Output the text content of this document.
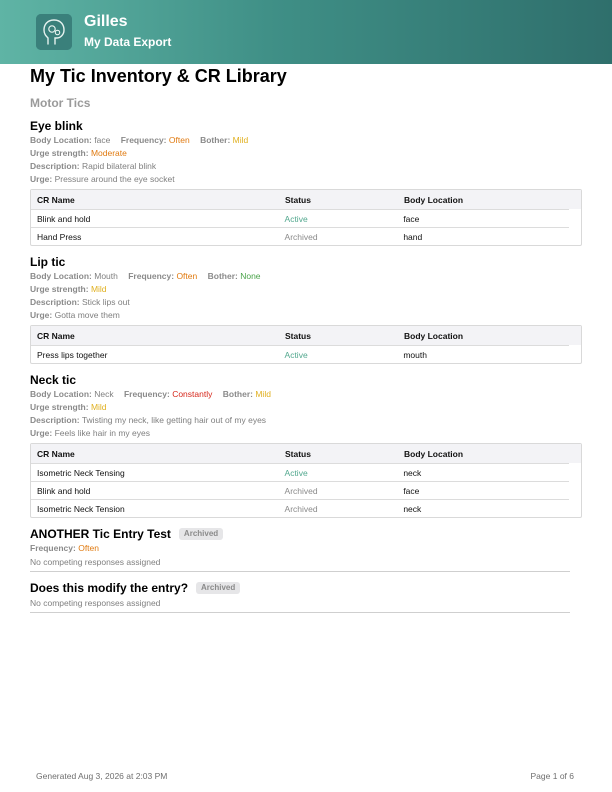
Gilles
My Data Export
My Tic Inventory & CR Library
Motor Tics
Eye blink
Body Location: face Frequency: Often Bother: Mild
Urge strength: Moderate
Description: Rapid bilateral blink
Urge: Pressure around the eye socket
CR Name	Status	Body Location
Blink and hold	Active	face
Hand Press	Archived	hand
Lip tic
Body Location: Mouth Frequency: Often Bother: None
Urge strength: Mild
Description: Stick lips out
Urge: Gotta move them
CR Name	Status	Body Location
Press lips together	Active	mouth
Neck tic
Body Location: Neck Frequency: Constantly Bother: Mild
Urge strength: Mild
Description: Twisting my neck, like getting hair out of my eyes
Urge: Feels like hair in my eyes
CR Name	Status	Body Location
Isometric Neck Tensing	Active	neck
Blink and hold	Archived	face
Isometric Neck Tension	Archived	neck
ANOTHER Tic Entry Test	Archived
Frequency: Often
No competing responses assigned
Does this modify the entry?	Archived
No competing responses assigned
Generated Aug 3, 2026 at 2:03 PM	Page 1 of 6
